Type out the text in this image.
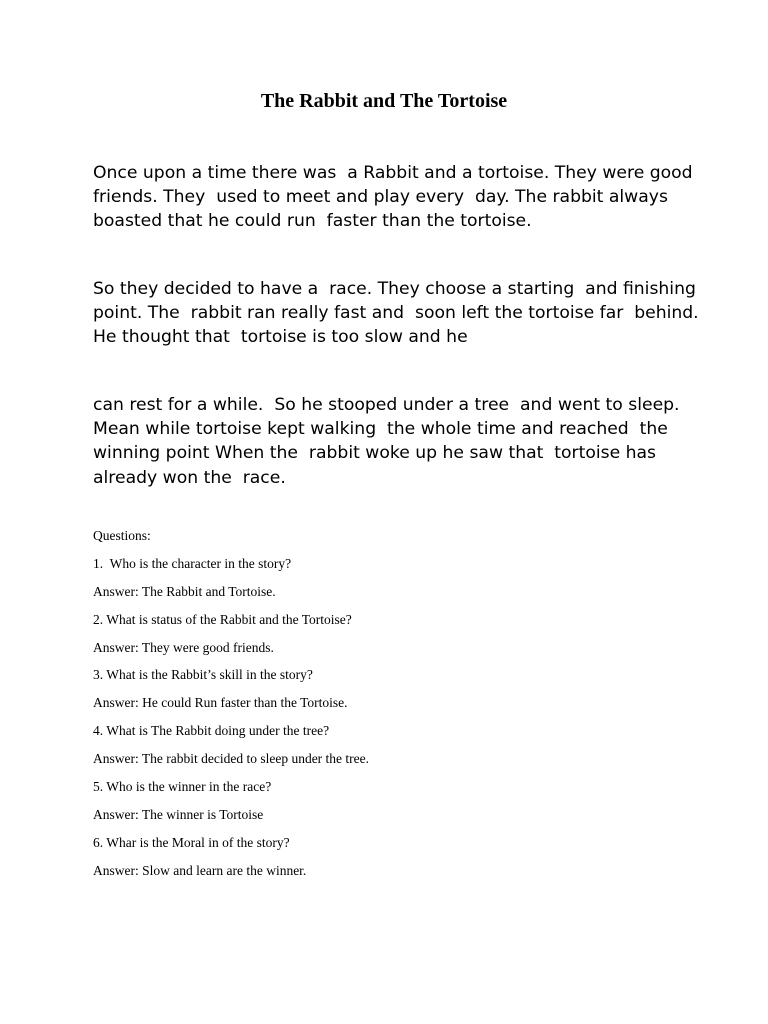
The Rabbit and The Tortoise

Once upon a time there was  a Rabbit and a tortoise. They were good
friends. They  used to meet and play every  day. The rabbit always
boasted that he could run  faster than the tortoise.

So they decided to have a  race. They choose a starting  and finishing
point. The  rabbit ran really fast and  soon left the tortoise far  behind.
He thought that  tortoise is too slow and he

can rest for a while.  So he stooped under a tree  and went to sleep.
Mean while tortoise kept walking  the whole time and reached  the
winning point When the  rabbit woke up he saw that  tortoise has
already won the  race.

Questions:
1.  Who is the character in the story?
Answer: The Rabbit and Tortoise.
2. What is status of the Rabbit and the Tortoise?
Answer: They were good friends.
3. What is the Rabbit’s skill in the story?
Answer: He could Run faster than the Tortoise.
4. What is The Rabbit doing under the tree?
Answer: The rabbit decided to sleep under the tree.
5. Who is the winner in the race?
Answer: The winner is Tortoise
6. Whar is the Moral in of the story?
Answer: Slow and learn are the winner.
